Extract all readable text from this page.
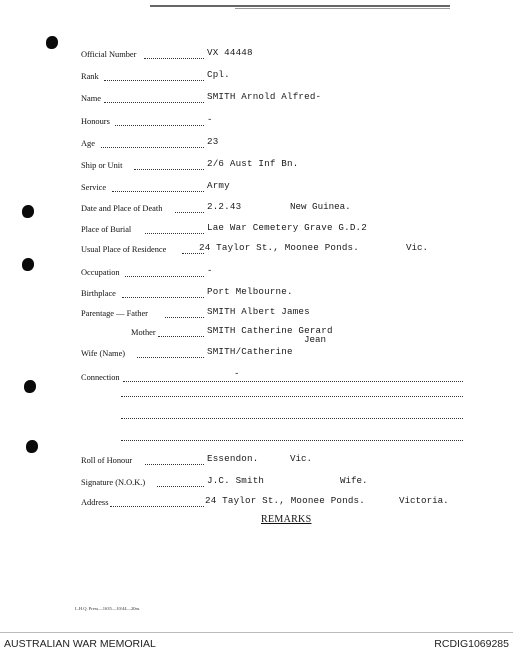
Official Number	VX 44448
Rank	Cpl.
Name	SMITH Arnold Alfred-
Honours	-
Age	23
Ship or Unit	2/6 Aust Inf Bn.
Service	Army
Date and Place of Death	2.2.43	New Guinea.
Place of Burial	Lae War Cemetery Grave G.D.2
Usual Place of Residence	24 Taylor St., Moonee Ponds.	Vic.
Occupation	-
Birthplace	Port Melbourne.
Parentage — Father	SMITH Albert James
Mother	SMITH Catherine Gerard
Jean
Wife (Name)	SMITH/Catherine
Connection	-
Roll of Honour	Essendon.	Vic.
Signature (N.O.K.)	J.C. Smith	Wife.
Address	24 Taylor St., Moonee Ponds.	Victoria.
REMARKS
L.H.Q. Press—1635—10/44—20m.
AUSTRALIAN WAR MEMORIAL	RCDIG1069285
